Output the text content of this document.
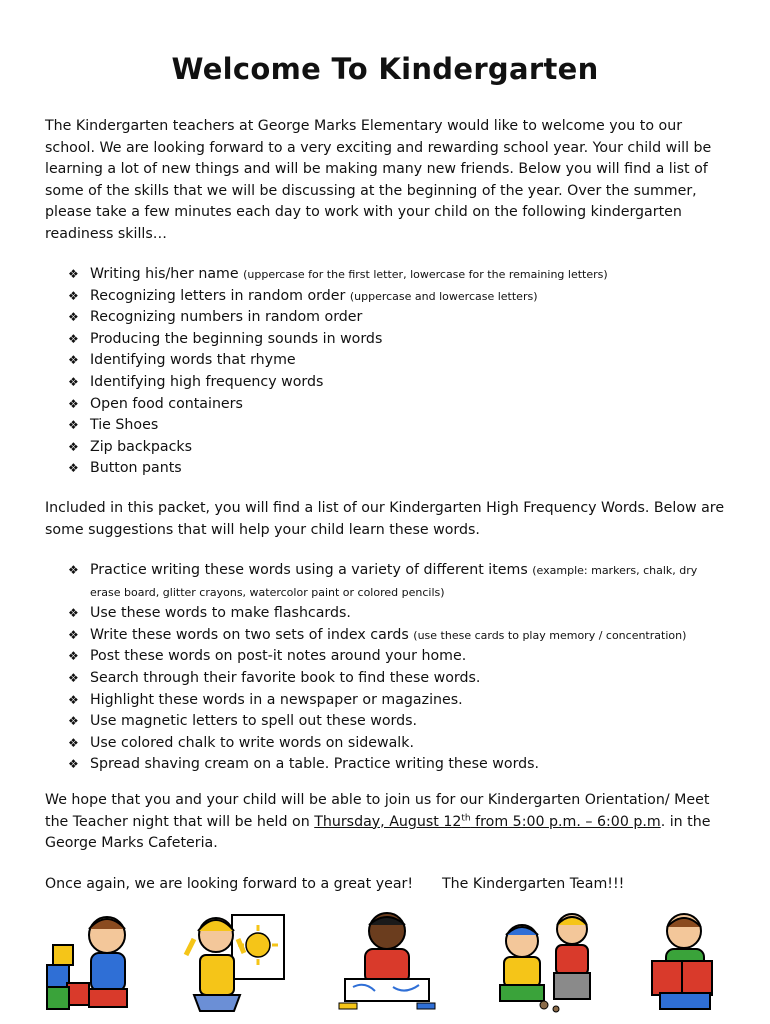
Welcome To Kindergarten

The Kindergarten teachers at George Marks Elementary would like to welcome you to our school. We are looking forward to a very exciting and rewarding school year. Your child will be learning a lot of new things and will be making many new friends. Below you will find a list of some of the skills that we will be discussing at the beginning of the year. Over the summer, please take a few minutes each day to work with your child on the following kindergarten readiness skills…

❖ Writing his/her name (uppercase for the first letter, lowercase for the remaining letters)
❖ Recognizing letters in random order (uppercase and lowercase letters)
❖ Recognizing numbers in random order
❖ Producing the beginning sounds in words
❖ Identifying words that rhyme
❖ Identifying high frequency words
❖ Open food containers
❖ Tie Shoes
❖ Zip backpacks
❖ Button pants

Included in this packet, you will find a list of our Kindergarten High Frequency Words. Below are some suggestions that will help your child learn these words.

❖ Practice writing these words using a variety of different items (example: markers, chalk, dry erase board, glitter crayons, watercolor paint or colored pencils)
❖ Use these words to make flashcards.
❖ Write these words on two sets of index cards (use these cards to play memory / concentration)
❖ Post these words on post-it notes around your home.
❖ Search through their favorite book to find these words.
❖ Highlight these words in a newspaper or magazines.
❖ Use magnetic letters to spell out these words.
❖ Use colored chalk to write words on sidewalk.
❖ Spread shaving cream on a table. Practice writing these words.

We hope that you and your child will be able to join us for our Kindergarten Orientation/ Meet the Teacher night that will be held on Thursday, August 12th from 5:00 p.m. – 6:00 p.m. in the George Marks Cafeteria.

Once again, we are looking forward to a great year! The Kindergarten Team!!!
